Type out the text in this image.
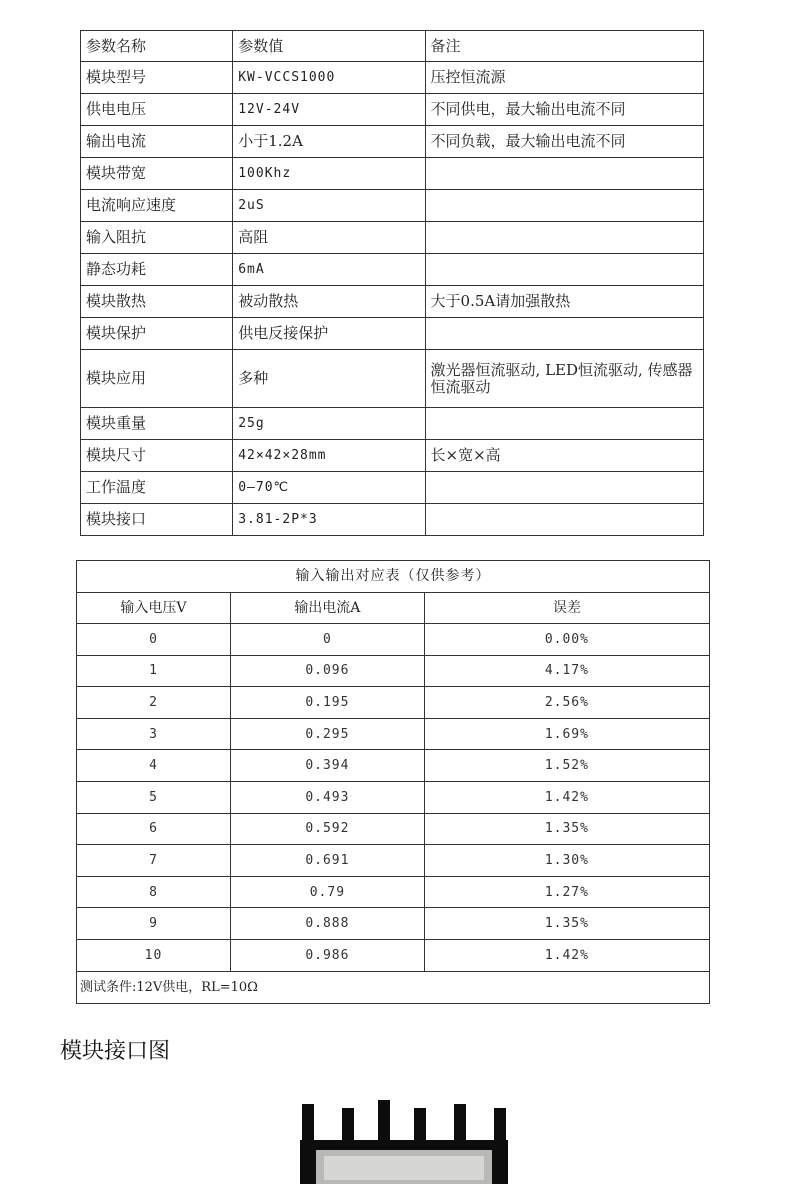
参数名称	参数值	备注
模块型号	KW-VCCS1000	压控恒流源
供电电压	12V-24V	不同供电，最大输出电流不同
输出电流	小于1.2A	不同负载，最大输出电流不同
模块带宽	100Khz	
电流响应速度	2uS	
输入阻抗	高阻	
静态功耗	6mA	
模块散热	被动散热	大于0.5A请加强散热
模块保护	供电反接保护	
模块应用	多种	激光器恒流驱动, LED恒流驱动, 传感器恒流驱动
模块重量	25g	
模块尺寸	42×42×28mm	长×宽×高
工作温度	0—70℃	
模块接口	3.81-2P*3	
输入输出对应表（仅供参考）		
输入电压V	输出电流A	误差
0	0	0.00%
1	0.096	4.17%
2	0.195	2.56%
3	0.295	1.69%
4	0.394	1.52%
5	0.493	1.42%
6	0.592	1.35%
7	0.691	1.30%
8	0.79	1.27%
9	0.888	1.35%
10	0.986	1.42%
测试条件:12V供电，RL=10Ω		
模块接口图
